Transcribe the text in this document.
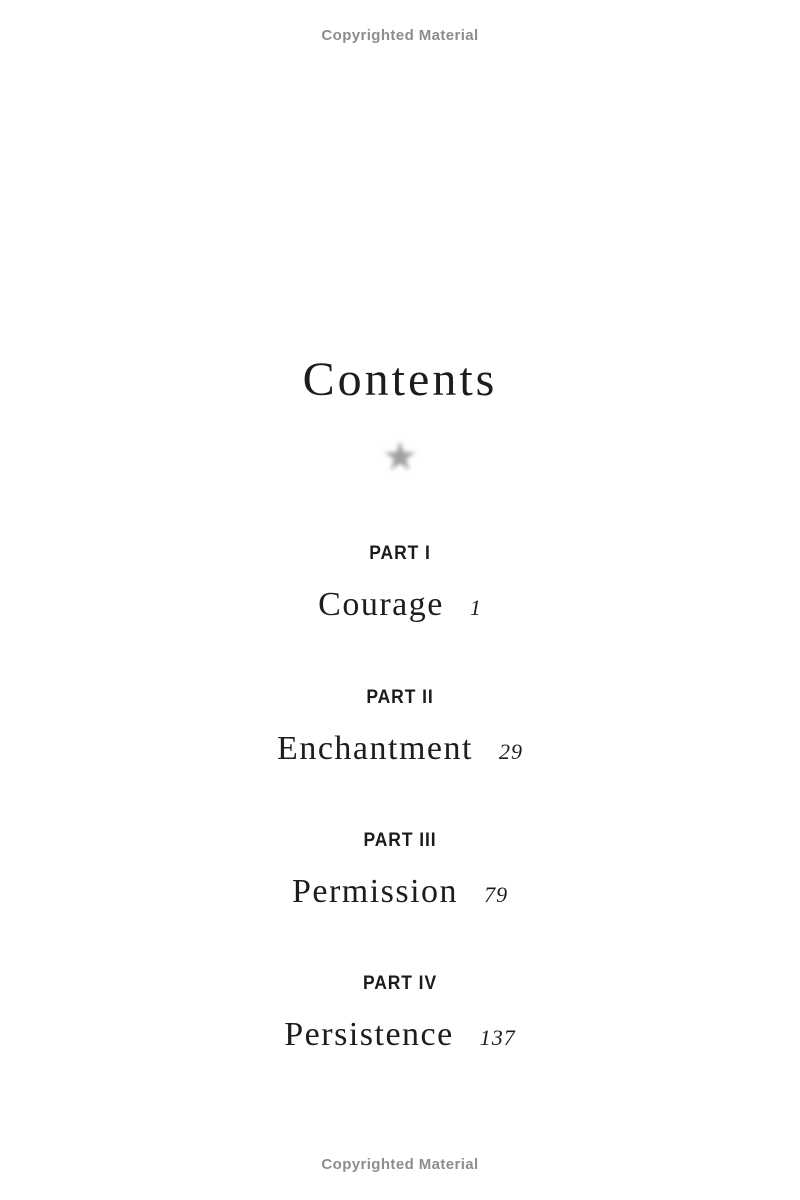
Copyrighted Material
Contents
★
PART I
Courage 1
PART II
Enchantment 29
PART III
Permission 79
PART IV
Persistence 137
Copyrighted Material
